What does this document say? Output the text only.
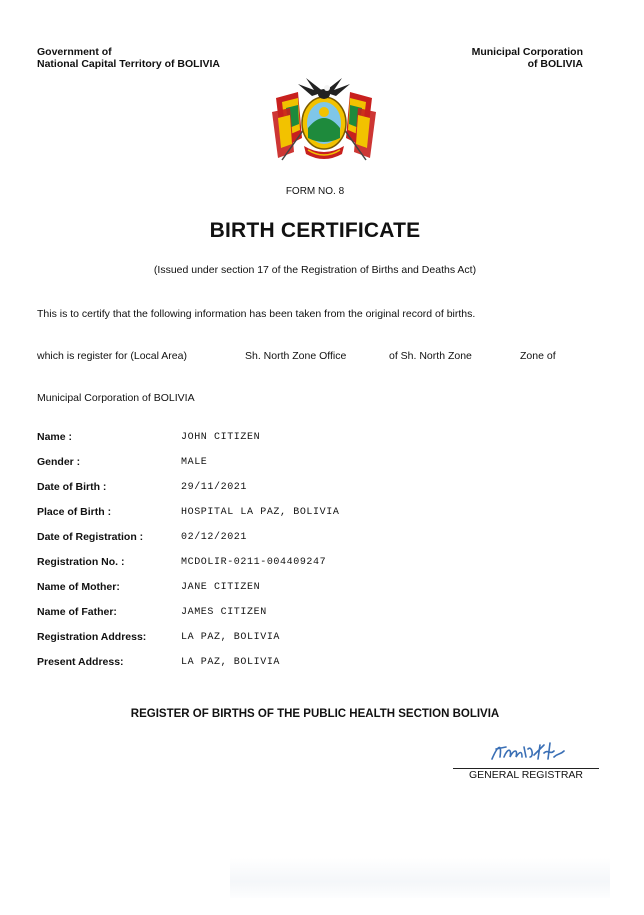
Government of
National Capital Territory of BOLIVIA
Municipal Corporation
of BOLIVIA
FORM NO. 8
BIRTH CERTIFICATE
(Issued under section 17 of the Registration of Births and Deaths Act)
This is to certify that the following information has been taken from the original record of births.
which is register for (Local Area)	Sh. North Zone Office	of Sh. North Zone	Zone of
Municipal Corporation of BOLIVIA
Name :	JOHN CITIZEN
Gender :	MALE
Date of Birth :	29/11/2021
Place of Birth :	HOSPITAL LA PAZ, BOLIVIA
Date of Registration :	02/12/2021
Registration No. :	MCDOLIR-0211-004409247
Name of Mother:	JANE CITIZEN
Name of Father:	JAMES CITIZEN
Registration Address:	LA PAZ, BOLIVIA
Present Address:	LA PAZ, BOLIVIA
REGISTER OF BIRTHS OF THE PUBLIC HEALTH SECTION BOLIVIA
GENERAL REGISTRAR
